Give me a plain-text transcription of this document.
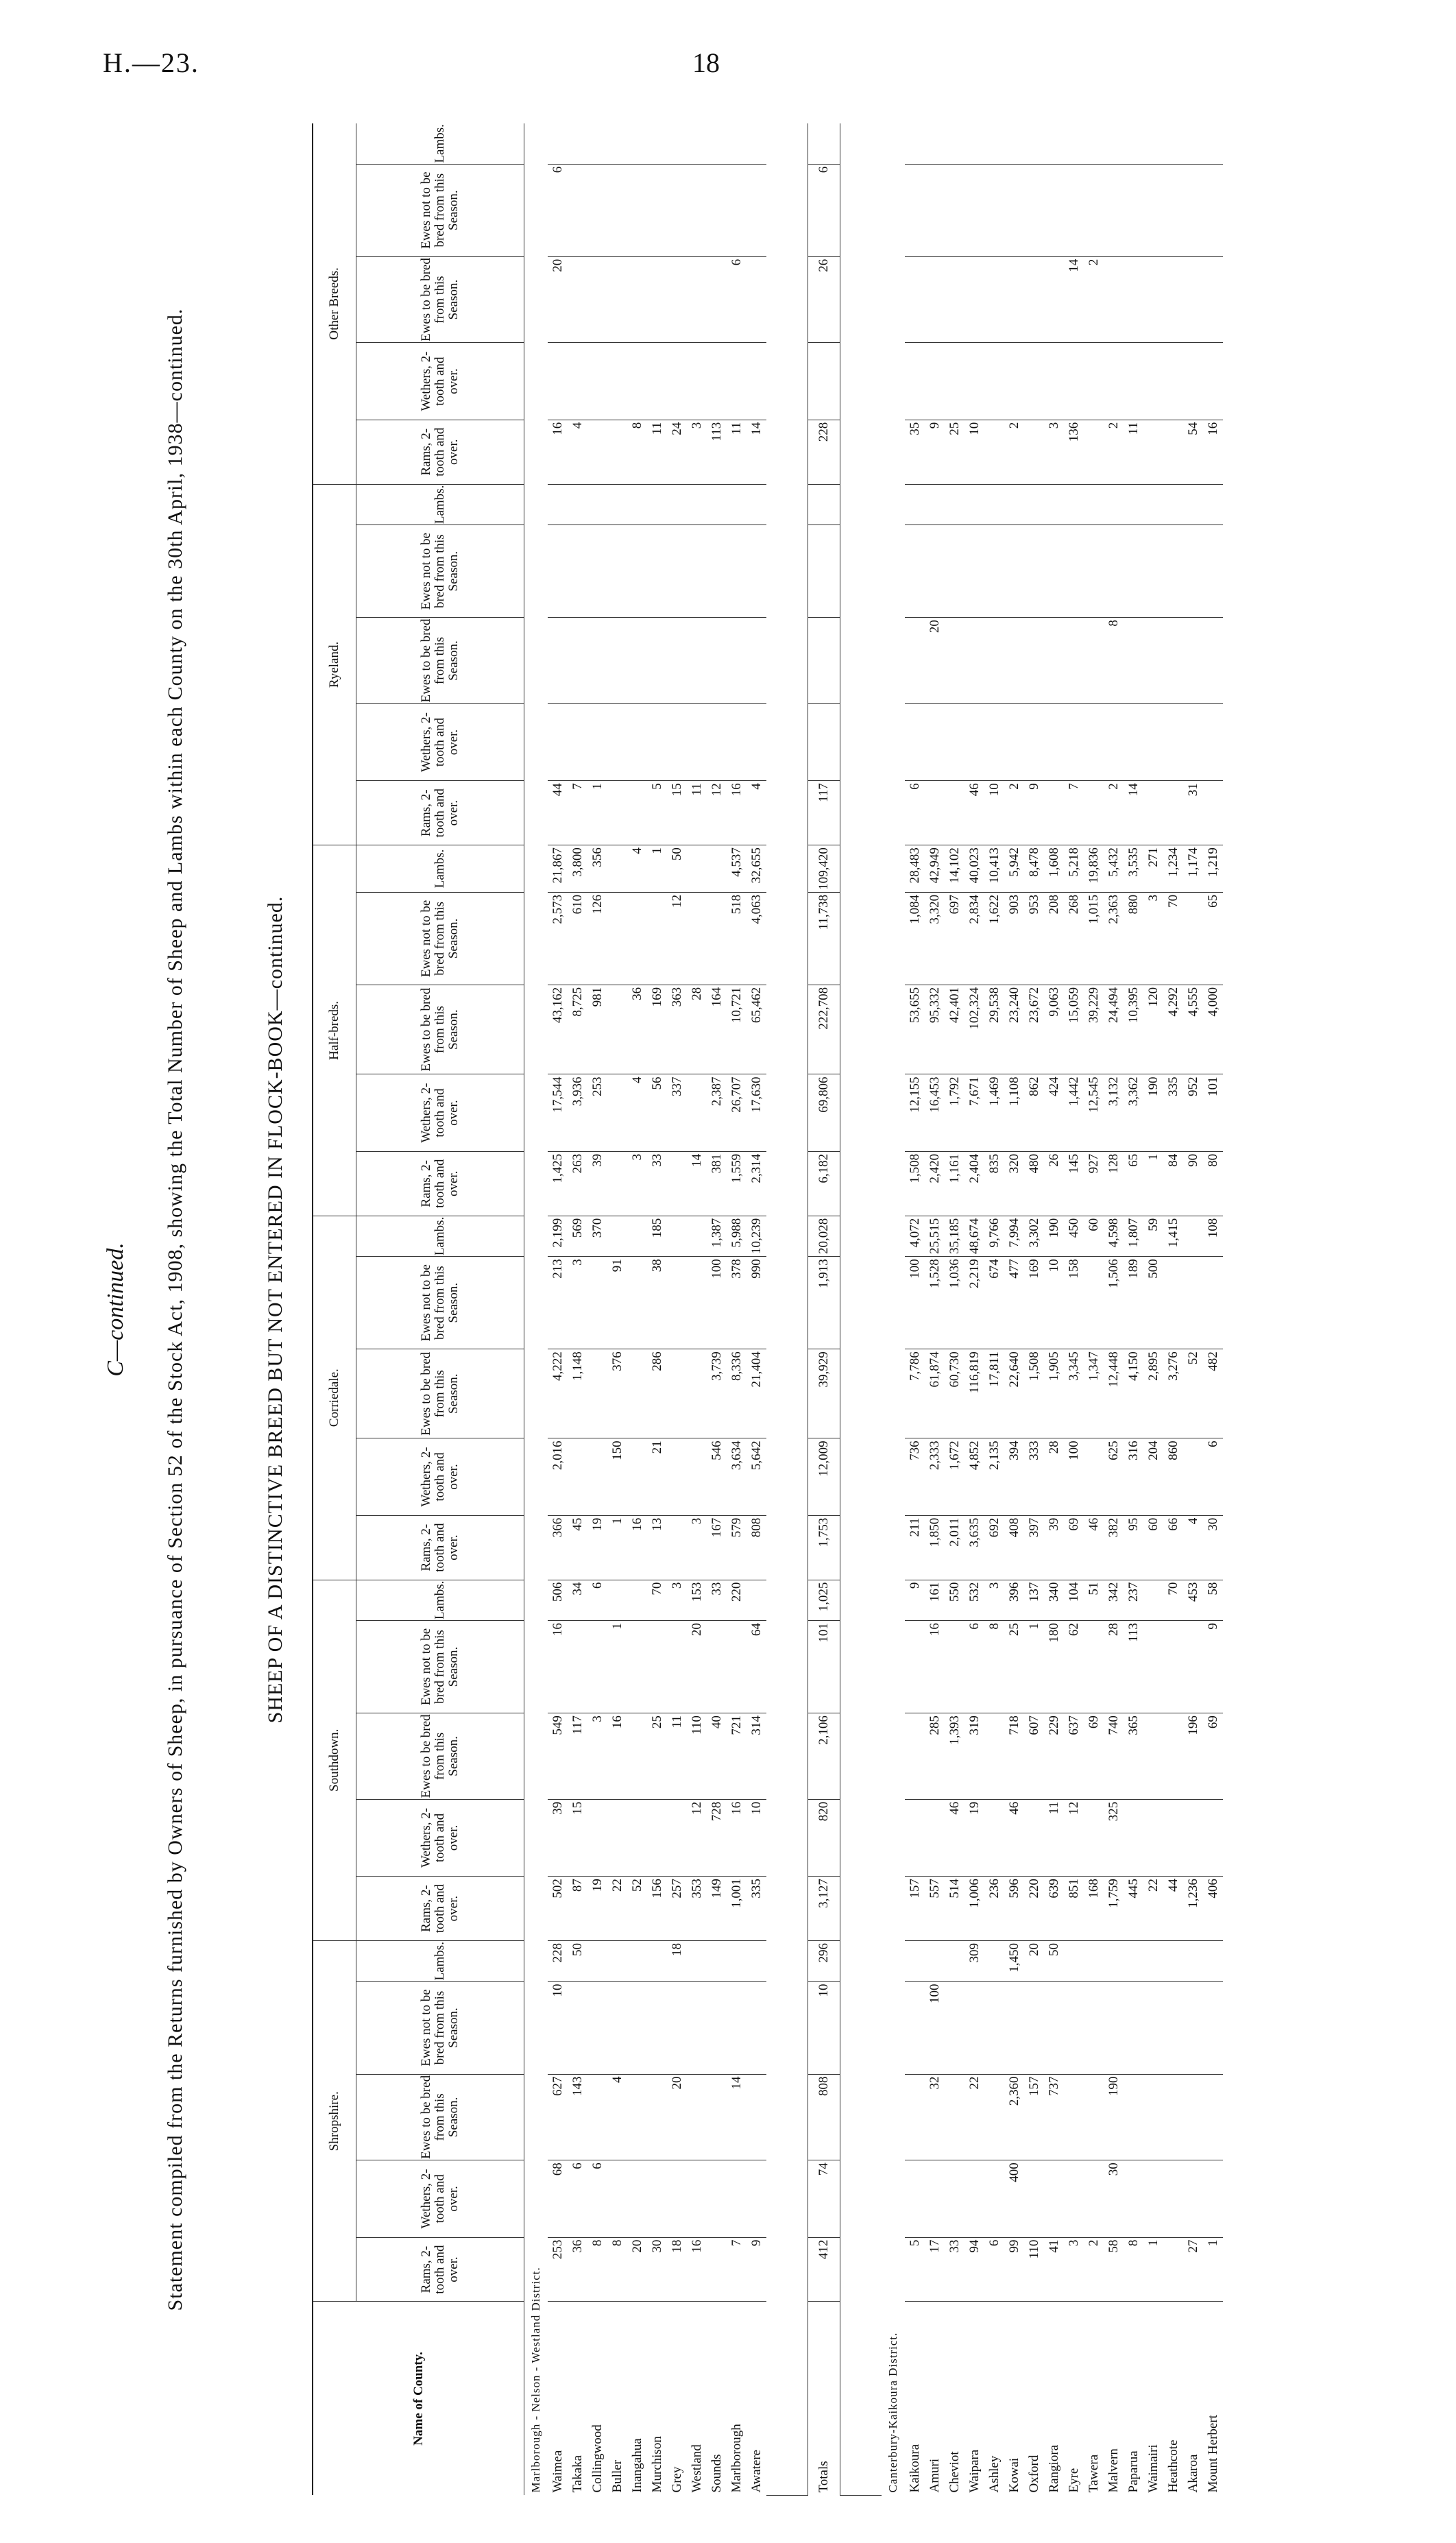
H.—23.	18
C—continued.	Statement compiled from the Returns furnished by Owners of Sheep, in pursuance of Section 52 of the Stock Act, 1908, showing the Total Number of Sheep and Lambs within each County on the 30th April, 1938—continued.	SHEEP OF A DISTINCTIVE BREED BUT NOT ENTERED IN FLOCK-BOOK—continued.
Name of County.	Shropshire.					Southdown.					Corriedale.					Half-breds.					Ryeland.					Other Breeds.				
	Rams, 2-tooth and over.	Wethers, 2-tooth and over.	Ewes to be bred from this Season.	Ewes not to be bred from this Season.	Lambs.	Rams, 2-tooth and over.	Wethers, 2-tooth and over.	Ewes to be bred from this Season.	Ewes not to be bred from this Season.	Lambs.	Rams, 2-tooth and over.	Wethers, 2-tooth and over.	Ewes to be bred from this Season.	Ewes not to be bred from this Season.	Lambs.	Rams, 2-tooth and over.	Wethers, 2-tooth and over.	Ewes to be bred from this Season.	Ewes not to be bred from this Season.	Lambs.	Rams, 2-tooth and over.	Wethers, 2-tooth and over.	Ewes to be bred from this Season.	Ewes not to be bred from this Season.	Lambs.	Rams, 2-tooth and over.	Wethers, 2-tooth and over.	Ewes to be bred from this Season.	Ewes not to be bred from this Season.	Lambs.
Marlborough - Nelson - Westland District.																														
Waimea	253	68	627	10	228	502	39	549	16	506	366	2,016	4,222	213	2,199	1,425	17,544	43,162	2,573	21,867	44					16		20	6	
Takaka	36	6	143		50	87	15	117		34	45		1,148	3	569	263	3,936	8,725	610	3,800	7					4				
Collingwood	8	6				19		3		6	19				370	39	253	981	126	356	1									
Buller	8		4			22		16	1		1	150	376	91																
Inangahua	20					52					16					3	4	36		4						8				
Murchison	30					156		25		70	13	21	286	38	185	33	56	169		1	5					11				
Grey	18		20		18	257		11		3							337	363	12	50	15					24				
Westland	16					353	12	110	20	153	3					14		28			11					3				
Sounds						149	728	40		33	167	546	3,739	100	1,387	381	2,387	164			12					113				
Marlborough	7		14			1,001	16	721		220	579	3,634	8,336	378	5,988	1,559	26,707	10,721	518	4,537	16					11		6		
Awatere	9					335	10	314	64		808	5,642	21,404	990	10,239	2,314	17,630	65,462	4,063	32,655	4					14				

Totals	412	74	808	10	296	3,127	820	2,106	101	1,025	1,753	12,009	39,929	1,913	20,028	6,182	69,806	222,708	11,738	109,420	117					228		26	6	

Canterbury-Kaikoura District.																														
Kaikoura	5					157				9	211	736	7,786	100	4,072	1,508	12,155	53,655	1,084	28,483	6					35				
Amuri	17		32	100		557		285	16	161	1,850	2,333	61,874	1,528	25,515	2,420	16,453	95,332	3,320	42,949			20			9				
Cheviot	33					514	46	1,393		550	2,011	1,672	60,730	1,036	35,185	1,161	1,792	42,401	697	14,102						25				
Waipara	94		22		309	1,006	19	319	6	532	3,635	4,852	116,819	2,219	48,674	2,404	7,671	102,324	2,834	40,023	46					10				
Ashley	6					236			8	3	692	2,135	17,811	674	9,766	835	1,469	29,538	1,622	10,413	10									
Kowai	99	400	2,360		1,450	596	46	718	25	396	408	394	22,640	477	7,994	320	1,108	23,240	903	5,942	2					2				
Oxford	110		157		20	220		607	1	137	397	333	1,508	169	3,302	480	862	23,672	953	8,478	9									
Rangiora	41		737		50	639	11	229	180	340	39	28	1,905	10	190	26	424	9,063	208	1,608						3				
Eyre	3					851	12	637	62	104	69	100	3,345	158	450	145	1,442	15,059	268	5,218	7					136		14		
Tawera	2					168		69		51	46		1,347		60	927	12,545	39,229	1,015	19,836								2		
Malvern	58	30	190			1,759	325	740	28	342	382	625	12,448	1,506	4,598	128	3,132	24,494	2,363	5,432	2		8			2				
Paparua	8					445		365	113	237	95	316	4,150	189	1,807	65	3,362	10,395	880	3,535	14					11				
Waimairi	1					22					60	204	2,895	500	59	1	190	120	3	271										
Heathcote						44				70	66	860	3,276		1,415	84	335	4,292	70	1,234										
Akaroa	27					1,236		196		453	4		52			90	952	4,555		1,174	31					54				
Mount Herbert	1					406		69	9	58	30	6	482		108	80	101	4,000	65	1,219						16				
